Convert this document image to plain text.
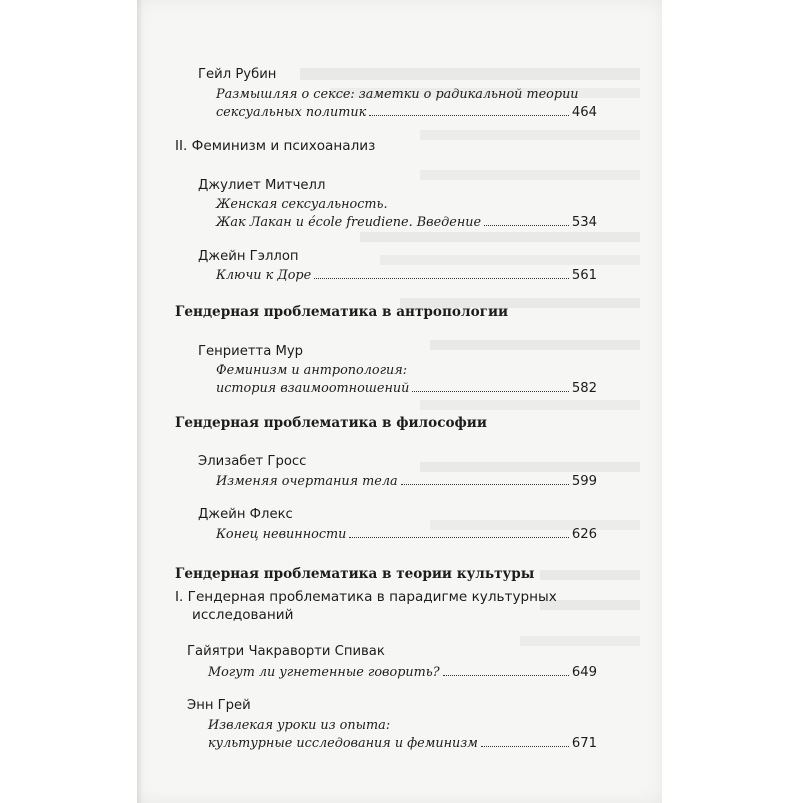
Гейл Рубин
Размышляя о сексе: заметки о радикальной теории
сексуальных политик	464
II. Феминизм и психоанализ
Джулиет Митчелл
Женская сексуальность.
Жак Лакан и école freudiene. Введение	534
Джейн Гэллоп
Ключи к Доре	561
Гендерная проблематика в антропологии
Генриетта Мур
Феминизм и антропология:
история взаимоотношений	582
Гендерная проблематика в философии
Элизабет Гросс
Изменяя очертания тела	599
Джейн Флекс
Конец невинности	626
Гендерная проблематика в теории культуры
I. Гендерная проблематика в парадигме культурных
исследований
Гайятри Чакраворти Спивак
Могут ли угнетенные говорить?	649
Энн Грей
Извлекая уроки из опыта:
культурные исследования и феминизм	671
